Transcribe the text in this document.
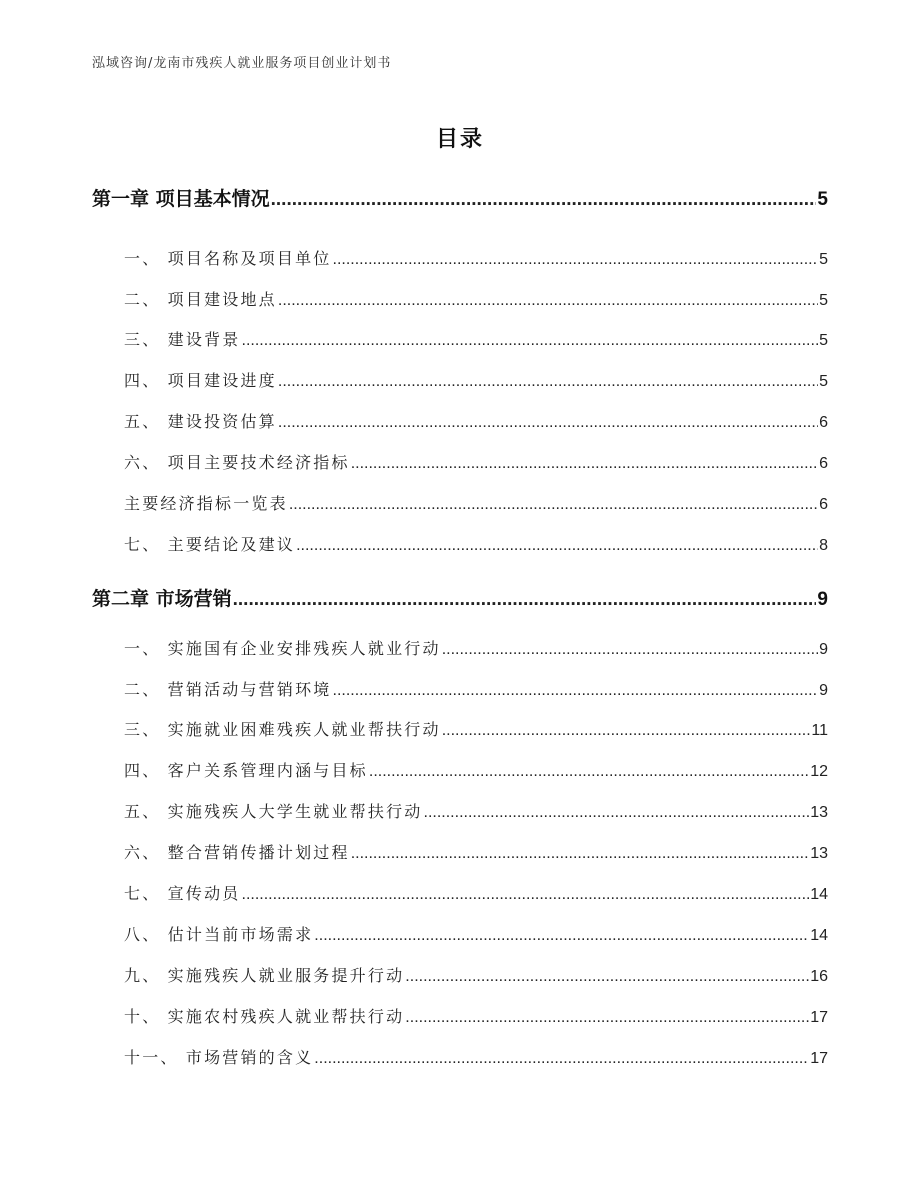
泓域咨询/龙南市残疾人就业服务项目创业计划书
目录
第一章 项目基本情况 .....	5
一、 项目名称及项目单位 .....	5
二、 项目建设地点 .....	5
三、 建设背景 .....	5
四、 项目建设进度 .....	5
五、 建设投资估算 .....	6
六、 项目主要技术经济指标 .....	6
主要经济指标一览表 .....	6
七、 主要结论及建议 .....	8
第二章 市场营销 .....	9
一、 实施国有企业安排残疾人就业行动 .....	9
二、 营销活动与营销环境 .....	9
三、 实施就业困难残疾人就业帮扶行动 .....	11
四、 客户关系管理内涵与目标 .....	12
五、 实施残疾人大学生就业帮扶行动 .....	13
六、 整合营销传播计划过程 .....	13
七、 宣传动员 .....	14
八、 估计当前市场需求 .....	14
九、 实施残疾人就业服务提升行动 .....	16
十、 实施农村残疾人就业帮扶行动 .....	17
十一、 市场营销的含义 .....	17
